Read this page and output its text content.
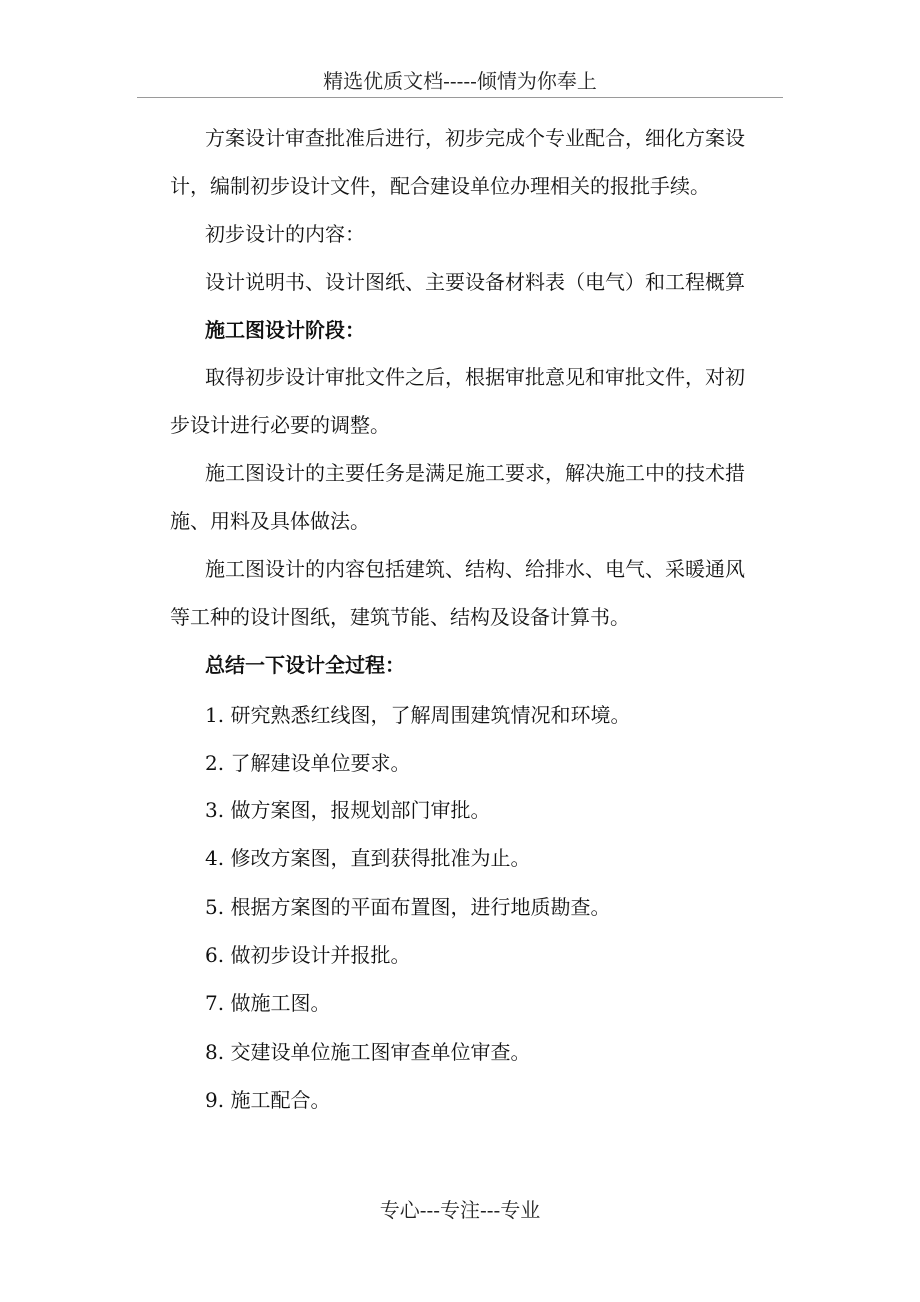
精选优质文档-----倾情为你奉上
方案设计审查批准后进行，初步完成个专业配合，细化方案设
计，编制初步设计文件，配合建设单位办理相关的报批手续。
初步设计的内容：
设计说明书、设计图纸、主要设备材料表（电气）和工程概算
施工图设计阶段：
取得初步设计审批文件之后，根据审批意见和审批文件，对初
步设计进行必要的调整。
施工图设计的主要任务是满足施工要求，解决施工中的技术措
施、用料及具体做法。
施工图设计的内容包括建筑、结构、给排水、电气、采暖通风
等工种的设计图纸，建筑节能、结构及设备计算书。
总结一下设计全过程：
1. 研究熟悉红线图，了解周围建筑情况和环境。
2. 了解建设单位要求。
3. 做方案图，报规划部门审批。
4. 修改方案图，直到获得批准为止。
5. 根据方案图的平面布置图，进行地质勘查。
6. 做初步设计并报批。
7. 做施工图。
8. 交建设单位施工图审查单位审查。
9. 施工配合。
专心---专注---专业
